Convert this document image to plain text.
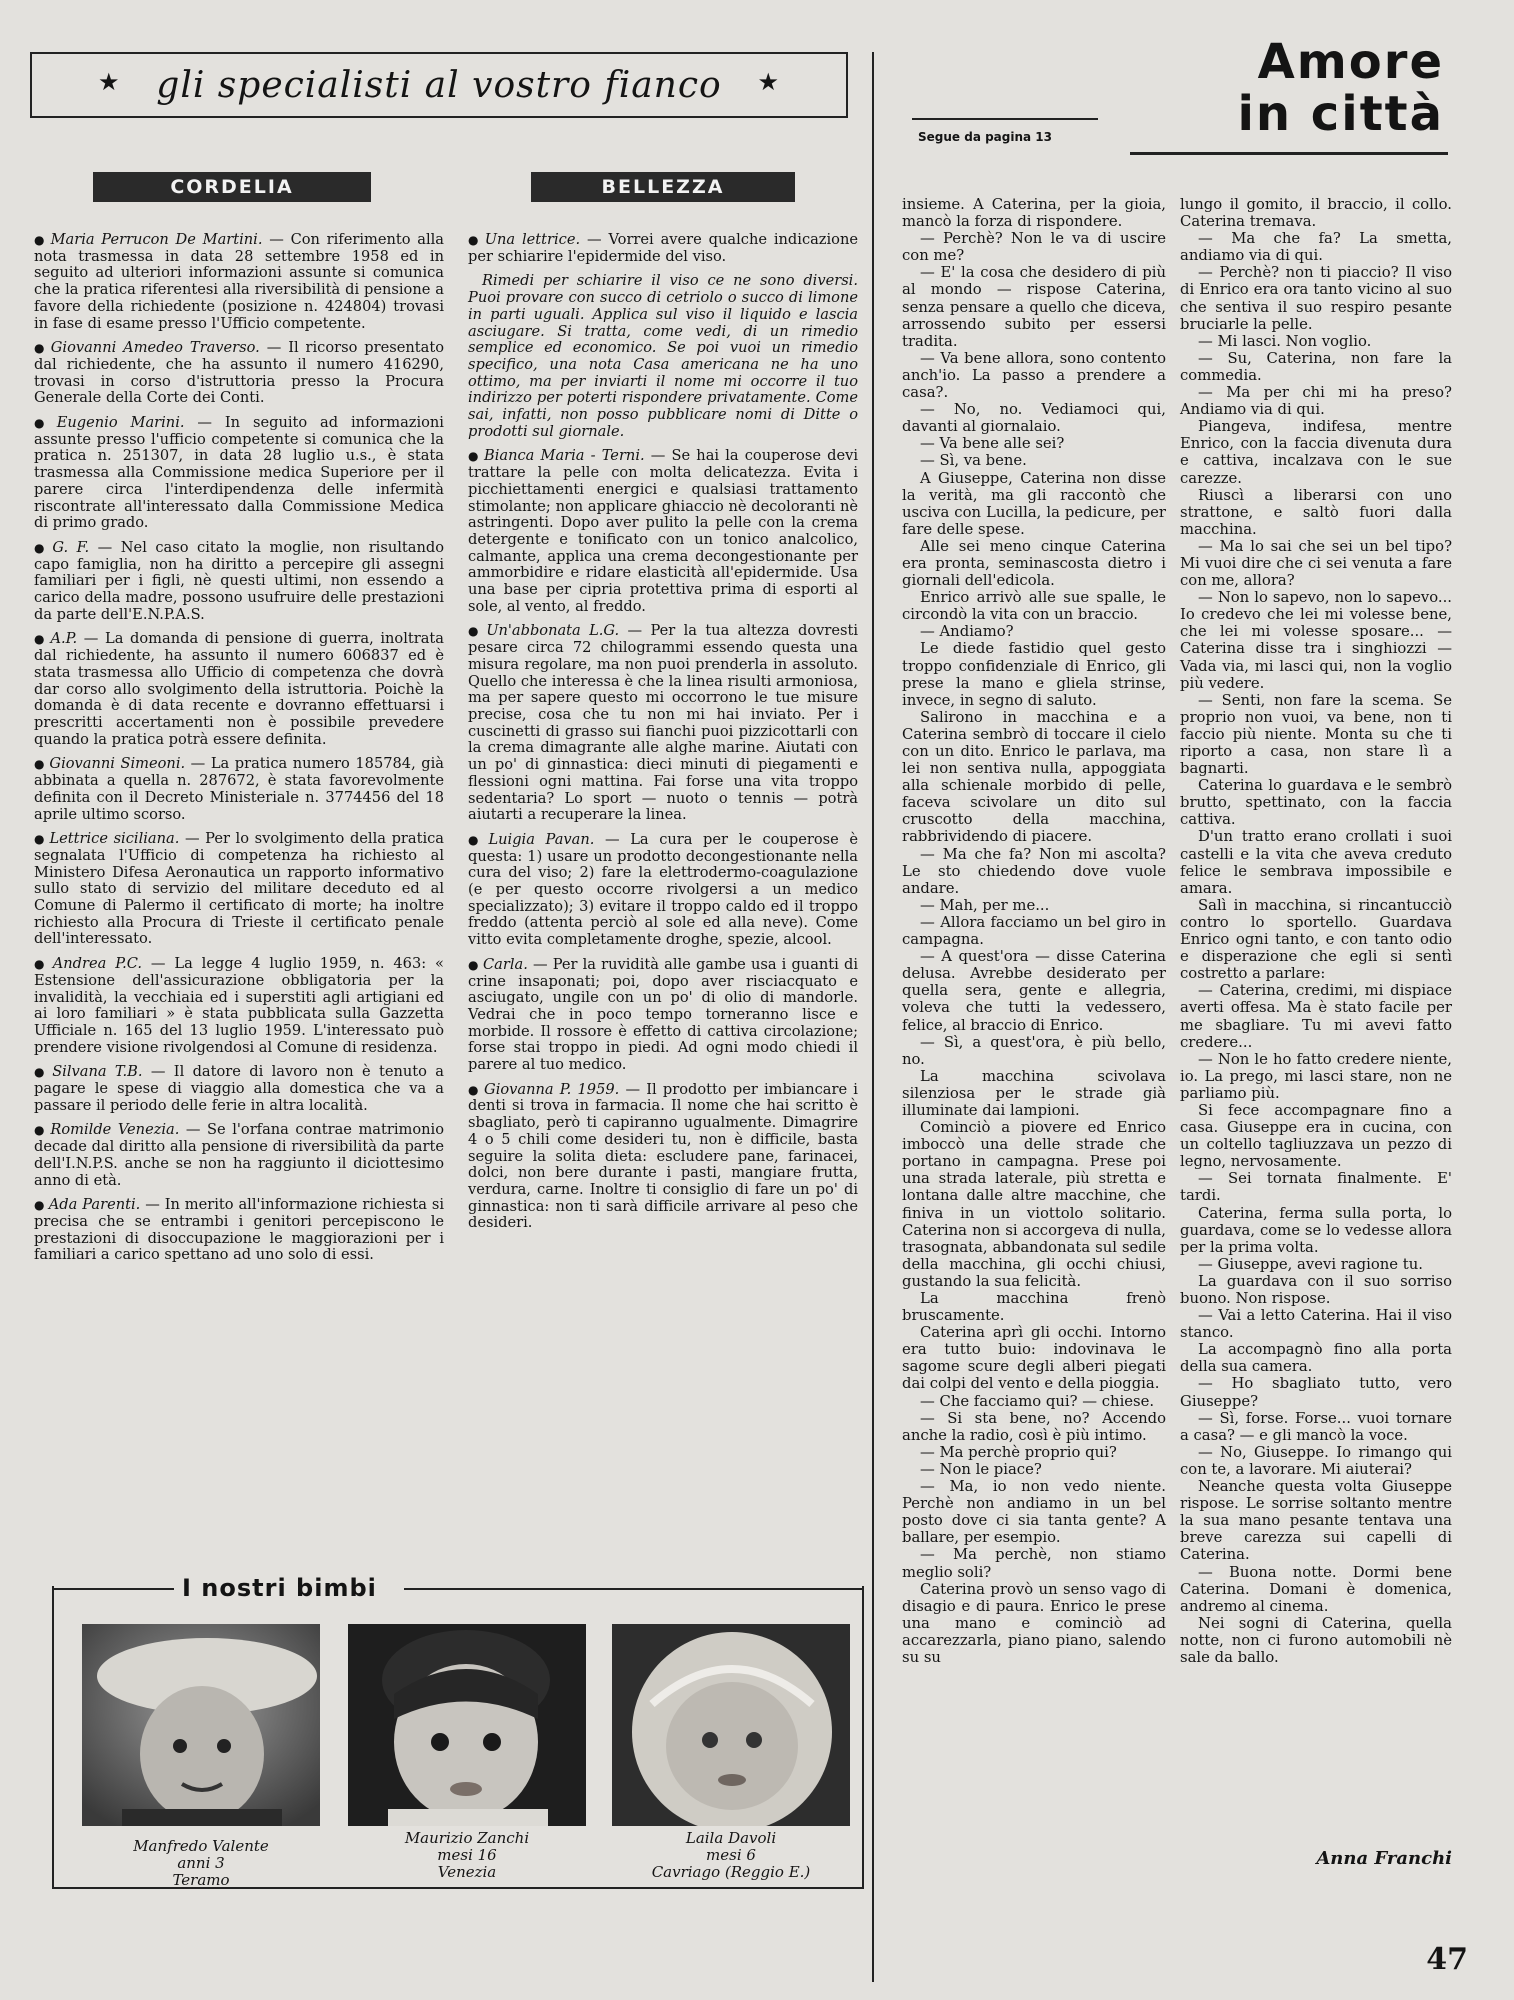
★ gli specialisti al vostro fianco ★
CORDELIA	BELLEZZA

● Maria Perrucon De Martini. — Con riferimento alla nota trasmessa in data 28 settembre 1958 ed in seguito ad ulteriori informazioni assunte si comunica che la pratica riferentesi alla riversibilità di pensione a favore della richiedente (posizione n. 424804) trovasi in fase di esame presso l'Ufficio competente.

● Giovanni Amedeo Traverso. — Il ricorso presentato dal richiedente, che ha assunto il numero 416290, trovasi in corso d'istruttoria presso la Procura Generale della Corte dei Conti.

● Eugenio Marini. — In seguito ad informazioni assunte presso l'ufficio competente si comunica che la pratica n. 251307, in data 28 luglio u.s., è stata trasmessa alla Commissione medica Superiore per il parere circa l'interdipendenza delle infermità riscontrate all'interessato dalla Commissione Medica di primo grado.

● G. F. — Nel caso citato la moglie, non risultando capo famiglia, non ha diritto a percepire gli assegni familiari per i figli, nè questi ultimi, non essendo a carico della madre, possono usufruire delle prestazioni da parte dell'E.N.P.A.S.

● A.P. — La domanda di pensione di guerra, inoltrata dal richiedente, ha assunto il numero 606837 ed è stata trasmessa allo Ufficio di competenza che dovrà dar corso allo svolgimento della istruttoria. Poichè la domanda è di data recente e dovranno effettuarsi i prescritti accertamenti non è possibile prevedere quando la pratica potrà essere definita.

● Giovanni Simeoni. — La pratica numero 185784, già abbinata a quella n. 287672, è stata favorevolmente definita con il Decreto Ministeriale n. 3774456 del 18 aprile ultimo scorso.

● Lettrice siciliana. — Per lo svolgimento della pratica segnalata l'Ufficio di competenza ha richiesto al Ministero Difesa Aeronautica un rapporto informativo sullo stato di servizio del militare deceduto ed al Comune di Palermo il certificato di morte; ha inoltre richiesto alla Procura di Trieste il certificato penale dell'interessato.

● Andrea P.C. — La legge 4 luglio 1959, n. 463: « Estensione dell'assicurazione obbligatoria per la invalidità, la vecchiaia ed i superstiti agli artigiani ed ai loro familiari » è stata pubblicata sulla Gazzetta Ufficiale n. 165 del 13 luglio 1959. L'interessato può prendere visione rivolgendosi al Comune di residenza.

● Silvana T.B. — Il datore di lavoro non è tenuto a pagare le spese di viaggio alla domestica che va a passare il periodo delle ferie in altra località.

● Romilde Venezia. — Se l'orfana contrae matrimonio decade dal diritto alla pensione di riversibilità da parte dell'I.N.P.S. anche se non ha raggiunto il diciottesimo anno di età.

● Ada Parenti. — In merito all'informazione richiesta si precisa che se entrambi i genitori percepiscono le prestazioni di disoccupazione le maggiorazioni per i familiari a carico spettano ad uno solo di essi.

● Una lettrice. — Vorrei avere qualche indicazione per schiarire l'epidermide del viso.

Rimedi per schiarire il viso ce ne sono diversi. Puoi provare con succo di cetriolo o succo di limone in parti uguali. Applica sul viso il liquido e lascia asciugare. Si tratta, come vedi, di un rimedio semplice ed economico. Se poi vuoi un rimedio specifico, una nota Casa americana ne ha uno ottimo, ma per inviarti il nome mi occorre il tuo indirizzo per poterti rispondere privatamente. Come sai, infatti, non posso pubblicare nomi di Ditte o prodotti sul giornale.

● Bianca Maria - Terni. — Se hai la couperose devi trattare la pelle con molta delicatezza. Evita i picchiettamenti energici e qualsiasi trattamento stimolante; non applicare ghiaccio nè decoloranti nè astringenti. Dopo aver pulito la pelle con la crema detergente e tonificato con un tonico analcolico, calmante, applica una crema decongestionante per ammorbidire e ridare elasticità all'epidermide. Usa una base per cipria protettiva prima di esporti al sole, al vento, al freddo.

● Un'abbonata L.G. — Per la tua altezza dovresti pesare circa 72 chilogrammi essendo questa una misura regolare, ma non puoi prenderla in assoluto. Quello che interessa è che la linea risulti armoniosa, ma per sapere questo mi occorrono le tue misure precise, cosa che tu non mi hai inviato. Per i cuscinetti di grasso sui fianchi puoi pizzicottarli con la crema dimagrante alle alghe marine. Aiutati con un po' di ginnastica: dieci minuti di piegamenti e flessioni ogni mattina. Fai forse una vita troppo sedentaria? Lo sport — nuoto o tennis — potrà aiutarti a recuperare la linea.

● Luigia Pavan. — La cura per le couperose è questa: 1) usare un prodotto decongestionante nella cura del viso; 2) fare la elettrodermo-coagulazione (e per questo occorre rivolgersi a un medico specializzato); 3) evitare il troppo caldo ed il troppo freddo (attenta perciò al sole ed alla neve). Come vitto evita completamente droghe, spezie, alcool.

● Carla. — Per la ruvidità alle gambe usa i guanti di crine insaponati; poi, dopo aver risciacquato e asciugato, ungile con un po' di olio di mandorle. Vedrai che in poco tempo torneranno lisce e morbide. Il rossore è effetto di cattiva circolazione; forse stai troppo in piedi. Ad ogni modo chiedi il parere al tuo medico.

● Giovanna P. 1959. — Il prodotto per imbiancare i denti si trova in farmacia. Il nome che hai scritto è sbagliato, però ti capiranno ugualmente. Dimagrire 4 o 5 chili come desideri tu, non è difficile, basta seguire la solita dieta: escludere pane, farinacei, dolci, non bere durante i pasti, mangiare frutta, verdura, carne. Inoltre ti consiglio di fare un po' di ginnastica: non ti sarà difficile arrivare al peso che desideri.

I nostri bimbi
Manfredo Valente
anni 3
Teramo
Maurizio Zanchi
mesi 16
Venezia
Laila Davoli
mesi 6
Cavriago (Reggio E.)
Amore
in città
Segue da pagina 13

insieme. A Caterina, per la gioia, mancò la forza di rispondere.

— Perchè? Non le va di uscire con me?

— E' la cosa che desidero di più al mondo — rispose Caterina, senza pensare a quello che diceva, arrossendo subito per essersi tradita.

— Va bene allora, sono contento anch'io. La passo a prendere a casa?.

— No, no. Vediamoci qui, davanti al giornalaio.

— Va bene alle sei?

— Sì, va bene.

A Giuseppe, Caterina non disse la verità, ma gli raccontò che usciva con Lucilla, la pedicure, per fare delle spese.

Alle sei meno cinque Caterina era pronta, seminascosta dietro i giornali dell'edicola.

Enrico arrivò alle sue spalle, le circondò la vita con un braccio.

— Andiamo?

Le diede fastidio quel gesto troppo confidenziale di Enrico, gli prese la mano e gliela strinse, invece, in segno di saluto.

Salirono in macchina e a Caterina sembrò di toccare il cielo con un dito. Enrico le parlava, ma lei non sentiva nulla, appoggiata alla schienale morbido di pelle, faceva scivolare un dito sul cruscotto della macchina, rabbrividendo di piacere.

— Ma che fa? Non mi ascolta? Le sto chiedendo dove vuole andare.

— Mah, per me...

— Allora facciamo un bel giro in campagna.

— A quest'ora — disse Caterina delusa. Avrebbe desiderato per quella sera, gente e allegria, voleva che tutti la vedessero, felice, al braccio di Enrico.

— Sì, a quest'ora, è più bello, no.

La macchina scivolava silenziosa per le strade già illuminate dai lampioni.

Cominciò a piovere ed Enrico imboccò una delle strade che portano in campagna. Prese poi una strada laterale, più stretta e lontana dalle altre macchine, che finiva in un viottolo solitario. Caterina non si accorgeva di nulla, trasognata, abbandonata sul sedile della macchina, gli occhi chiusi, gustando la sua felicità.

La macchina frenò bruscamente.

Caterina aprì gli occhi. Intorno era tutto buio: indovinava le sagome scure degli alberi piegati dai colpi del vento e della pioggia.

— Che facciamo qui? — chiese.

— Si sta bene, no? Accendo anche la radio, così è più intimo.

— Ma perchè proprio qui?

— Non le piace?

— Ma, io non vedo niente. Perchè non andiamo in un bel posto dove ci sia tanta gente? A ballare, per esempio.

— Ma perchè, non stiamo meglio soli?

Caterina provò un senso vago di disagio e di paura. Enrico le prese una mano e cominciò ad accarezzarla, piano piano, salendo su su

lungo il gomito, il braccio, il collo. Caterina tremava.

— Ma che fa? La smetta, andiamo via di qui.

— Perchè? non ti piaccio? Il viso di Enrico era ora tanto vicino al suo che sentiva il suo respiro pesante bruciarle la pelle.

— Mi lasci. Non voglio.

— Su, Caterina, non fare la commedia.

— Ma per chi mi ha preso? Andiamo via di qui.

Piangeva, indifesa, mentre Enrico, con la faccia divenuta dura e cattiva, incalzava con le sue carezze.

Riuscì a liberarsi con uno strattone, e saltò fuori dalla macchina.

— Ma lo sai che sei un bel tipo? Mi vuoi dire che ci sei venuta a fare con me, allora?

— Non lo sapevo, non lo sapevo... Io credevo che lei mi volesse bene, che lei mi volesse sposare... — Caterina disse tra i singhiozzi — Vada via, mi lasci qui, non la voglio più vedere.

— Senti, non fare la scema. Se proprio non vuoi, va bene, non ti faccio più niente. Monta su che ti riporto a casa, non stare lì a bagnarti.

Caterina lo guardava e le sembrò brutto, spettinato, con la faccia cattiva.

D'un tratto erano crollati i suoi castelli e la vita che aveva creduto felice le sembrava impossibile e amara.

Salì in macchina, si rincantucciò contro lo sportello. Guardava Enrico ogni tanto, e con tanto odio e disperazione che egli si sentì costretto a parlare:

— Caterina, credimi, mi dispiace averti offesa. Ma è stato facile per me sbagliare. Tu mi avevi fatto credere...

— Non le ho fatto credere niente, io. La prego, mi lasci stare, non ne parliamo più.

Si fece accompagnare fino a casa. Giuseppe era in cucina, con un coltello tagliuzzava un pezzo di legno, nervosamente.

— Sei tornata finalmente. E' tardi.

Caterina, ferma sulla porta, lo guardava, come se lo vedesse allora per la prima volta.

— Giuseppe, avevi ragione tu.

La guardava con il suo sorriso buono. Non rispose.

— Vai a letto Caterina. Hai il viso stanco.

La accompagnò fino alla porta della sua camera.

— Ho sbagliato tutto, vero Giuseppe?

— Sì, forse. Forse... vuoi tornare a casa? — e gli mancò la voce.

— No, Giuseppe. Io rimango qui con te, a lavorare. Mi aiuterai?

Neanche questa volta Giuseppe rispose. Le sorrise soltanto mentre la sua mano pesante tentava una breve carezza sui capelli di Caterina.

— Buona notte. Dormi bene Caterina. Domani è domenica, andremo al cinema.

Nei sogni di Caterina, quella notte, non ci furono automobili nè sale da ballo.

Anna Franchi
47
